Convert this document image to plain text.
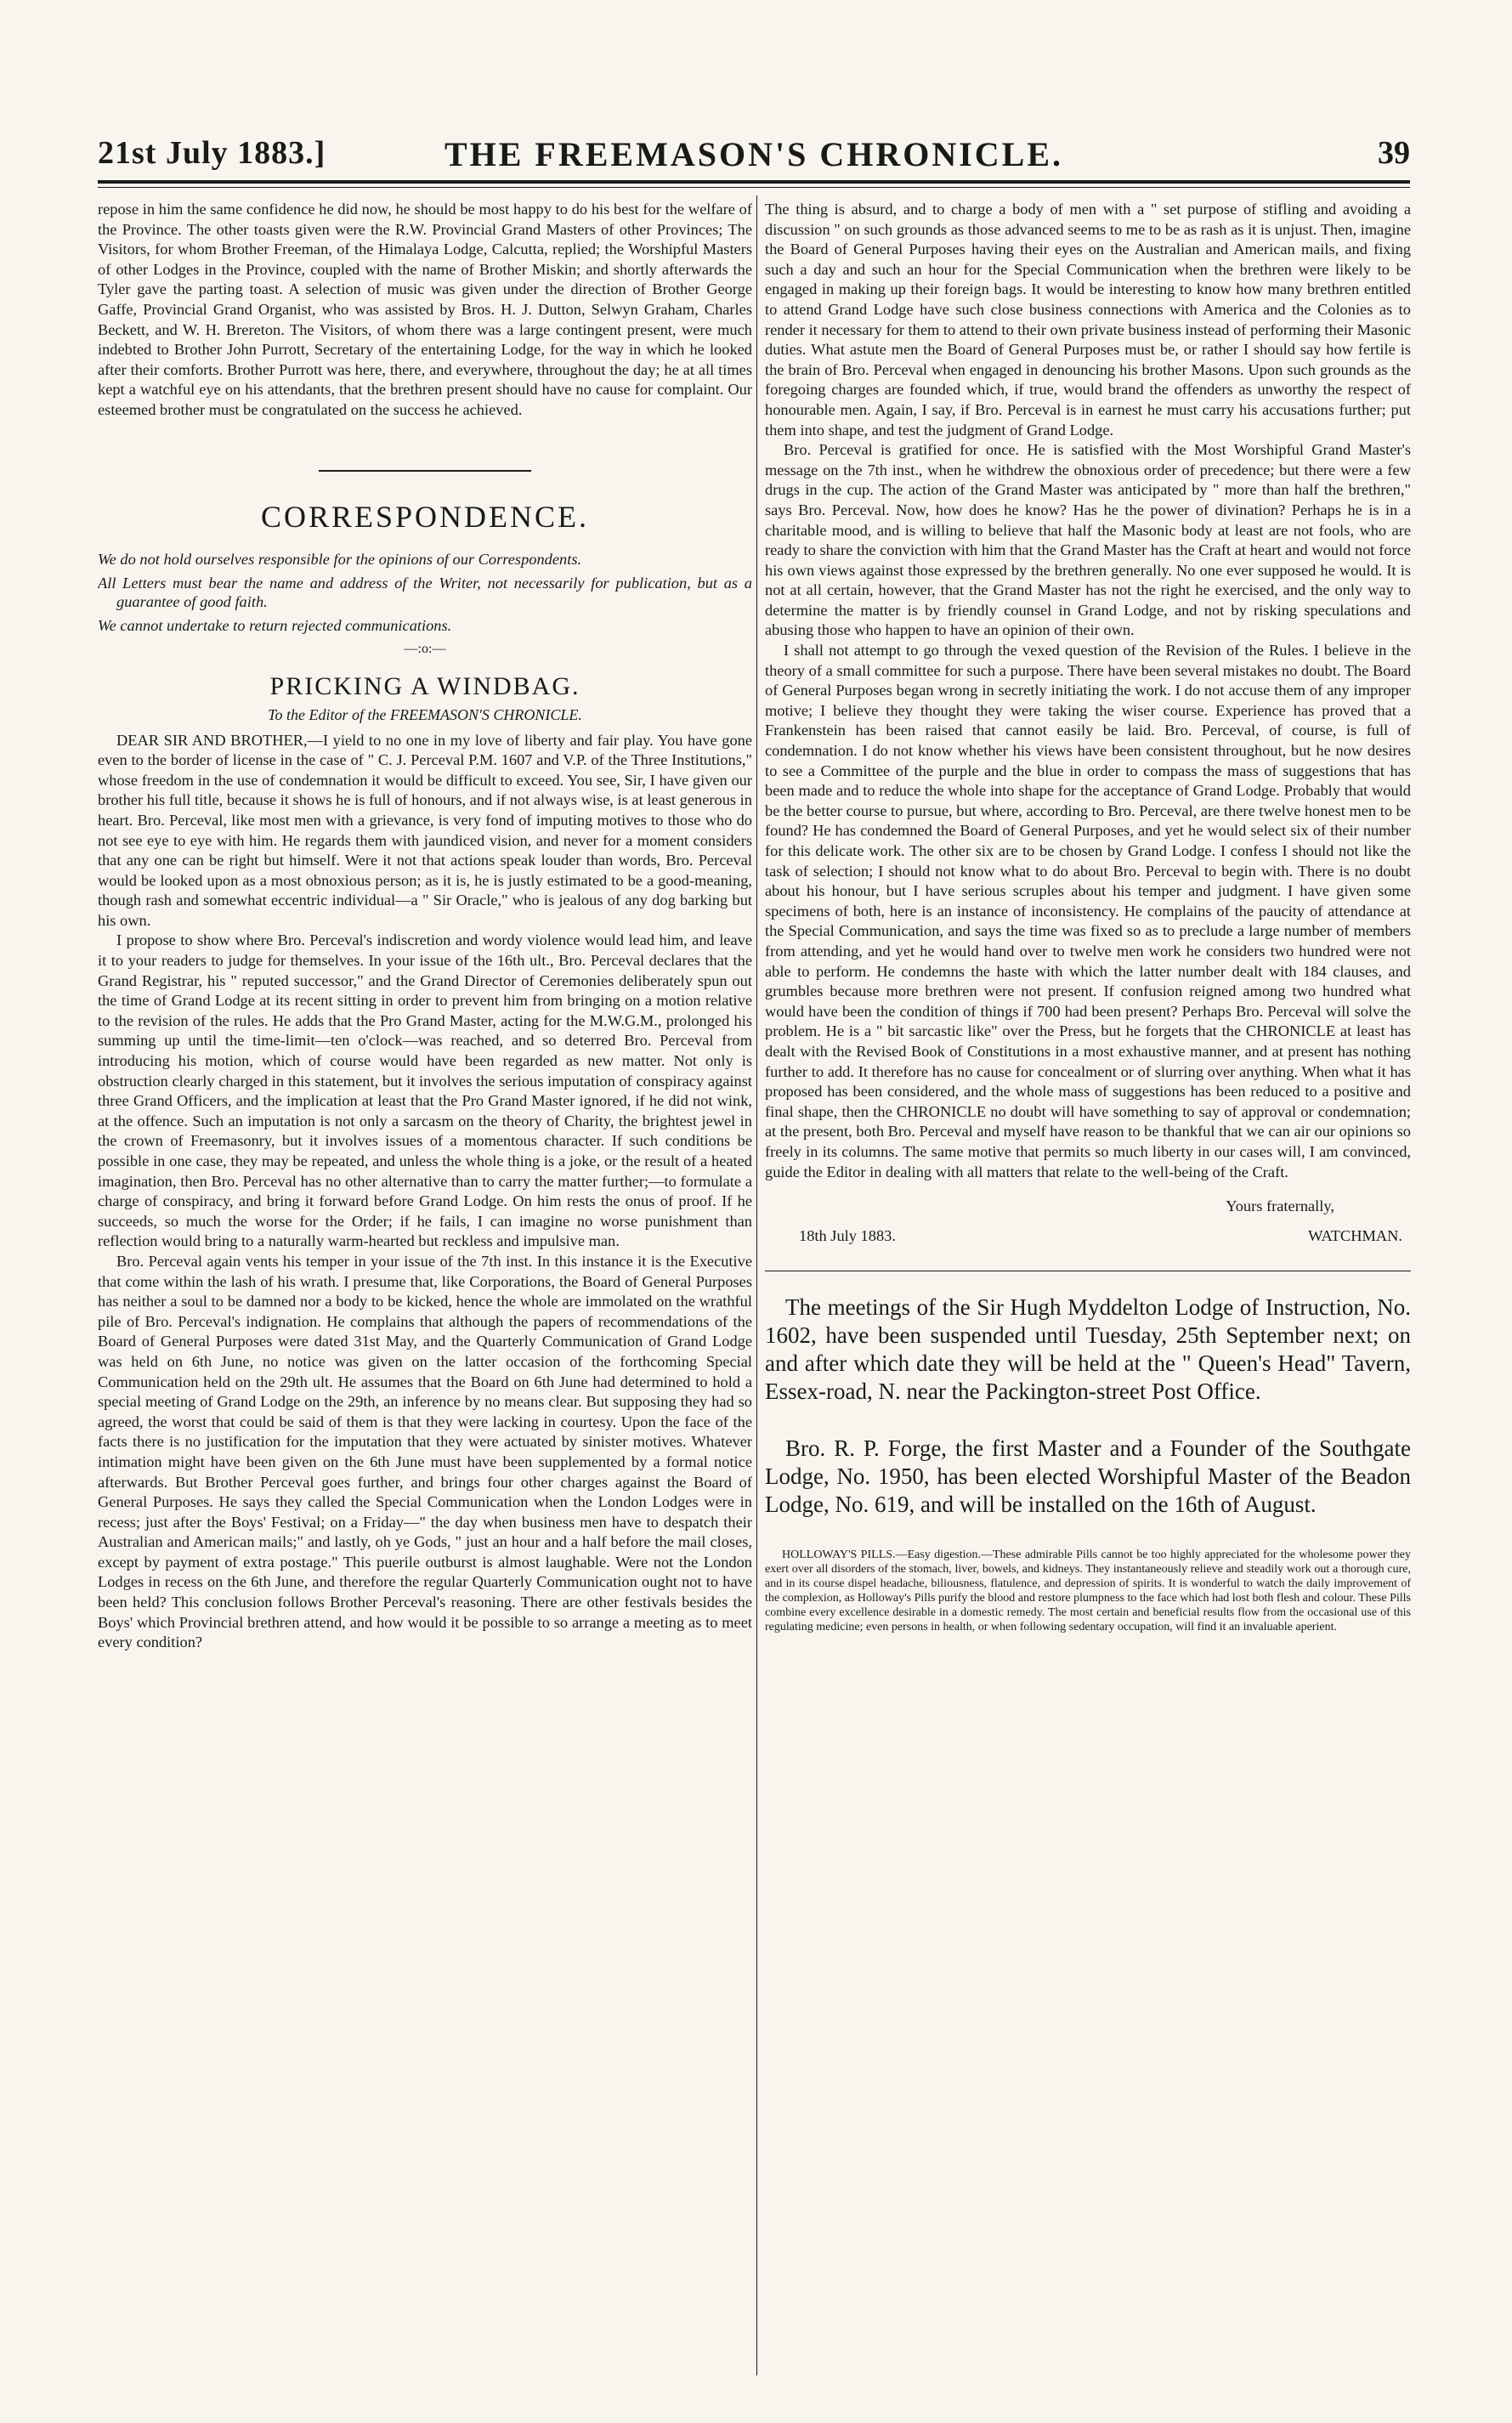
21st July 1883.]	THE FREEMASON'S CHRONICLE.	39

repose in him the same confidence he did now, he should be most happy to do his best for the welfare of the Province. The other toasts given were the R.W. Provincial Grand Masters of other Provinces; The Visitors, for whom Brother Freeman, of the Himalaya Lodge, Calcutta, replied; the Worshipful Masters of other Lodges in the Province, coupled with the name of Brother Miskin; and shortly afterwards the Tyler gave the parting toast. A selection of music was given under the direction of Brother George Gaffe, Provincial Grand Organist, who was assisted by Bros. H. J. Dutton, Selwyn Graham, Charles Beckett, and W. H. Brereton. The Visitors, of whom there was a large contingent present, were much indebted to Brother John Purrott, Secretary of the entertaining Lodge, for the way in which he looked after their comforts. Brother Purrott was here, there, and everywhere, throughout the day; he at all times kept a watchful eye on his attendants, that the brethren present should have no cause for complaint. Our esteemed brother must be congratulated on the success he achieved.

CORRESPONDENCE.

We do not hold ourselves responsible for the opinions of our Correspondents.

All Letters must bear the name and address of the Writer, not necessarily for publication, but as a guarantee of good faith.

We cannot undertake to return rejected communications.

—:o:—
PRICKING A WINDBAG.
To the Editor of the FREEMASON'S CHRONICLE.

DEAR SIR AND BROTHER,—I yield to no one in my love of liberty and fair play. You have gone even to the border of license in the case of " C. J. Perceval P.M. 1607 and V.P. of the Three Institutions," whose freedom in the use of condemnation it would be difficult to exceed. You see, Sir, I have given our brother his full title, because it shows he is full of honours, and if not always wise, is at least generous in heart. Bro. Perceval, like most men with a grievance, is very fond of imputing motives to those who do not see eye to eye with him. He regards them with jaundiced vision, and never for a moment considers that any one can be right but himself. Were it not that actions speak louder than words, Bro. Perceval would be looked upon as a most obnoxious person; as it is, he is justly estimated to be a good-meaning, though rash and somewhat eccentric individual—a " Sir Oracle," who is jealous of any dog barking but his own.

I propose to show where Bro. Perceval's indiscretion and wordy violence would lead him, and leave it to your readers to judge for themselves. In your issue of the 16th ult., Bro. Perceval declares that the Grand Registrar, his " reputed successor," and the Grand Director of Ceremonies deliberately spun out the time of Grand Lodge at its recent sitting in order to prevent him from bringing on a motion relative to the revision of the rules. He adds that the Pro Grand Master, acting for the M.W.G.M., prolonged his summing up until the time-limit—ten o'clock—was reached, and so deterred Bro. Perceval from introducing his motion, which of course would have been regarded as new matter. Not only is obstruction clearly charged in this statement, but it involves the serious imputation of conspiracy against three Grand Officers, and the implication at least that the Pro Grand Master ignored, if he did not wink, at the offence. Such an imputation is not only a sarcasm on the theory of Charity, the brightest jewel in the crown of Freemasonry, but it involves issues of a momentous character. If such conditions be possible in one case, they may be repeated, and unless the whole thing is a joke, or the result of a heated imagination, then Bro. Perceval has no other alternative than to carry the matter further;—to formulate a charge of conspiracy, and bring it forward before Grand Lodge. On him rests the onus of proof. If he succeeds, so much the worse for the Order; if he fails, I can imagine no worse punishment than reflection would bring to a naturally warm-hearted but reckless and impulsive man.

Bro. Perceval again vents his temper in your issue of the 7th inst. In this instance it is the Executive that come within the lash of his wrath. I presume that, like Corporations, the Board of General Purposes has neither a soul to be damned nor a body to be kicked, hence the whole are immolated on the wrathful pile of Bro. Perceval's indignation. He complains that although the papers of recommendations of the Board of General Purposes were dated 31st May, and the Quarterly Communication of Grand Lodge was held on 6th June, no notice was given on the latter occasion of the forthcoming Special Communication held on the 29th ult. He assumes that the Board on 6th June had determined to hold a special meeting of Grand Lodge on the 29th, an inference by no means clear. But supposing they had so agreed, the worst that could be said of them is that they were lacking in courtesy. Upon the face of the facts there is no justification for the imputation that they were actuated by sinister motives. Whatever intimation might have been given on the 6th June must have been supplemented by a formal notice afterwards. But Brother Perceval goes further, and brings four other charges against the Board of General Purposes. He says they called the Special Communication when the London Lodges were in recess; just after the Boys' Festival; on a Friday—" the day when business men have to despatch their Australian and American mails;" and lastly, oh ye Gods, " just an hour and a half before the mail closes, except by payment of extra postage." This puerile outburst is almost laughable. Were not the London Lodges in recess on the 6th June, and therefore the regular Quarterly Communication ought not to have been held? This conclusion follows Brother Perceval's reasoning. There are other festivals besides the Boys' which Provincial brethren attend, and how would it be possible to so arrange a meeting as to meet every condition?

The thing is absurd, and to charge a body of men with a " set purpose of stifling and avoiding a discussion " on such grounds as those advanced seems to me to be as rash as it is unjust. Then, imagine the Board of General Purposes having their eyes on the Australian and American mails, and fixing such a day and such an hour for the Special Communication when the brethren were likely to be engaged in making up their foreign bags. It would be interesting to know how many brethren entitled to attend Grand Lodge have such close business connections with America and the Colonies as to render it necessary for them to attend to their own private business instead of performing their Masonic duties. What astute men the Board of General Purposes must be, or rather I should say how fertile is the brain of Bro. Perceval when engaged in denouncing his brother Masons. Upon such grounds as the foregoing charges are founded which, if true, would brand the offenders as unworthy the respect of honourable men. Again, I say, if Bro. Perceval is in earnest he must carry his accusations further; put them into shape, and test the judgment of Grand Lodge.

Bro. Perceval is gratified for once. He is satisfied with the Most Worshipful Grand Master's message on the 7th inst., when he withdrew the obnoxious order of precedence; but there were a few drugs in the cup. The action of the Grand Master was anticipated by " more than half the brethren," says Bro. Perceval. Now, how does he know? Has he the power of divination? Perhaps he is in a charitable mood, and is willing to believe that half the Masonic body at least are not fools, who are ready to share the conviction with him that the Grand Master has the Craft at heart and would not force his own views against those expressed by the brethren generally. No one ever supposed he would. It is not at all certain, however, that the Grand Master has not the right he exercised, and the only way to determine the matter is by friendly counsel in Grand Lodge, and not by risking speculations and abusing those who happen to have an opinion of their own.

I shall not attempt to go through the vexed question of the Revision of the Rules. I believe in the theory of a small committee for such a purpose. There have been several mistakes no doubt. The Board of General Purposes began wrong in secretly initiating the work. I do not accuse them of any improper motive; I believe they thought they were taking the wiser course. Experience has proved that a Frankenstein has been raised that cannot easily be laid. Bro. Perceval, of course, is full of condemnation. I do not know whether his views have been consistent throughout, but he now desires to see a Committee of the purple and the blue in order to compass the mass of suggestions that has been made and to reduce the whole into shape for the acceptance of Grand Lodge. Probably that would be the better course to pursue, but where, according to Bro. Perceval, are there twelve honest men to be found? He has condemned the Board of General Purposes, and yet he would select six of their number for this delicate work. The other six are to be chosen by Grand Lodge. I confess I should not like the task of selection; I should not know what to do about Bro. Perceval to begin with. There is no doubt about his honour, but I have serious scruples about his temper and judgment. I have given some specimens of both, here is an instance of inconsistency. He complains of the paucity of attendance at the Special Communication, and says the time was fixed so as to preclude a large number of members from attending, and yet he would hand over to twelve men work he considers two hundred were not able to perform. He condemns the haste with which the latter number dealt with 184 clauses, and grumbles because more brethren were not present. If confusion reigned among two hundred what would have been the condition of things if 700 had been present? Perhaps Bro. Perceval will solve the problem. He is a " bit sarcastic like" over the Press, but he forgets that the CHRONICLE at least has dealt with the Revised Book of Constitutions in a most exhaustive manner, and at present has nothing further to add. It therefore has no cause for concealment or of slurring over anything. When what it has proposed has been considered, and the whole mass of suggestions has been reduced to a positive and final shape, then the CHRONICLE no doubt will have something to say of approval or condemnation; at the present, both Bro. Perceval and myself have reason to be thankful that we can air our opinions so freely in its columns. The same motive that permits so much liberty in our cases will, I am convinced, guide the Editor in dealing with all matters that relate to the well-being of the Craft.

Yours fraternally,
18th July 1883.	WATCHMAN.

The meetings of the Sir Hugh Myddelton Lodge of Instruction, No. 1602, have been suspended until Tuesday, 25th September next; on and after which date they will be held at the " Queen's Head" Tavern, Essex-road, N. near the Packington-street Post Office.

Bro. R. P. Forge, the first Master and a Founder of the Southgate Lodge, No. 1950, has been elected Worshipful Master of the Beadon Lodge, No. 619, and will be installed on the 16th of August.

HOLLOWAY'S PILLS.—Easy digestion.—These admirable Pills cannot be too highly appreciated for the wholesome power they exert over all disorders of the stomach, liver, bowels, and kidneys. They instantaneously relieve and steadily work out a thorough cure, and in its course dispel headache, biliousness, flatulence, and depression of spirits. It is wonderful to watch the daily improvement of the complexion, as Holloway's Pills purify the blood and restore plumpness to the face which had lost both flesh and colour. These Pills combine every excellence desirable in a domestic remedy. The most certain and beneficial results flow from the occasional use of this regulating medicine; even persons in health, or when following sedentary occupation, will find it an invaluable aperient.
